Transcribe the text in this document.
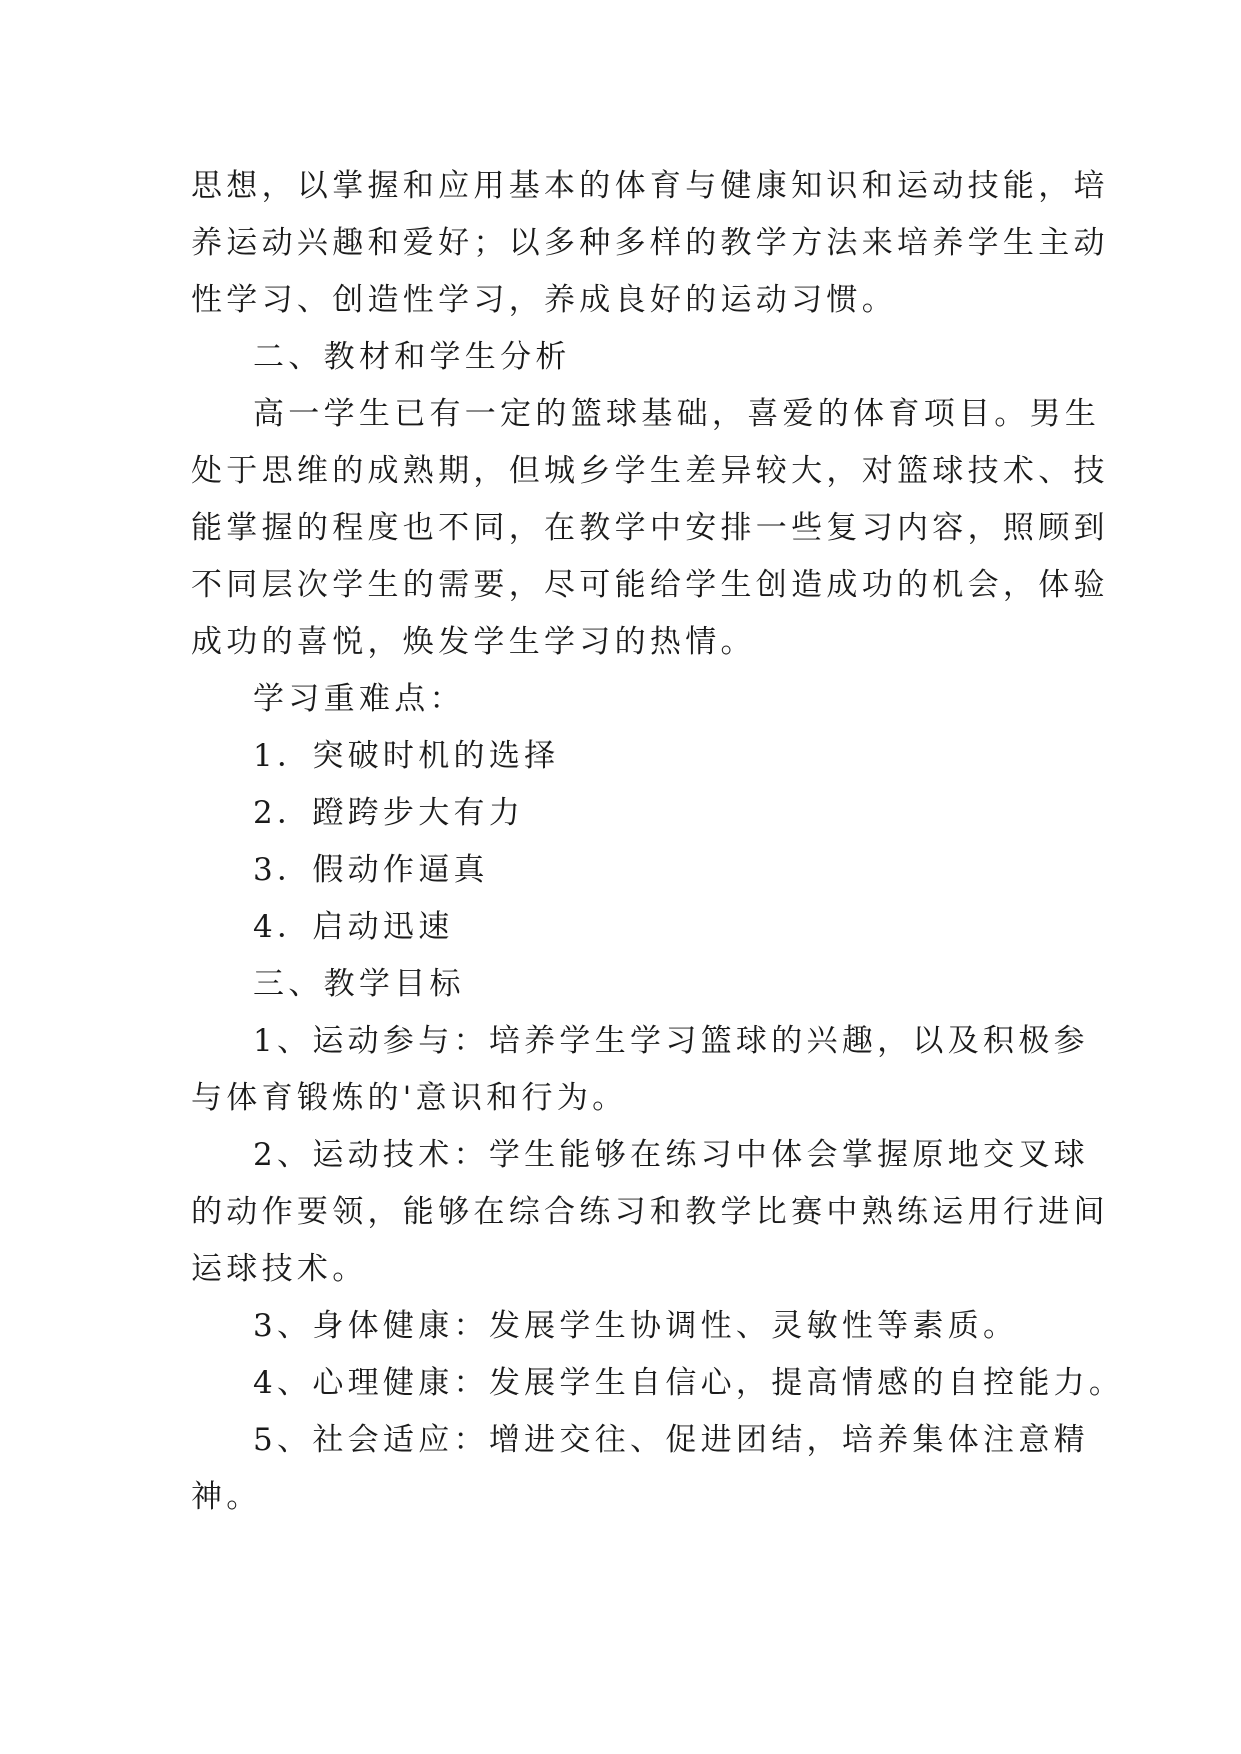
思想，以掌握和应用基本的体育与健康知识和运动技能，培
养运动兴趣和爱好；以多种多样的教学方法来培养学生主动
性学习、创造性学习，养成良好的运动习惯。
二、教材和学生分析
高一学生已有一定的篮球基础，喜爱的体育项目。男生
处于思维的成熟期，但城乡学生差异较大，对篮球技术、技
能掌握的程度也不同，在教学中安排一些复习内容，照顾到
不同层次学生的需要，尽可能给学生创造成功的机会，体验
成功的喜悦，焕发学生学习的热情。
学习重难点：
1．突破时机的选择
2．蹬跨步大有力
3．假动作逼真
4．启动迅速
三、教学目标
1、运动参与：培养学生学习篮球的兴趣，以及积极参
与体育锻炼的'意识和行为。
2、运动技术：学生能够在练习中体会掌握原地交叉球
的动作要领，能够在综合练习和教学比赛中熟练运用行进间
运球技术。
3、身体健康：发展学生协调性、灵敏性等素质。
4、心理健康：发展学生自信心，提高情感的自控能力。
5、社会适应：增进交往、促进团结，培养集体注意精
神。
